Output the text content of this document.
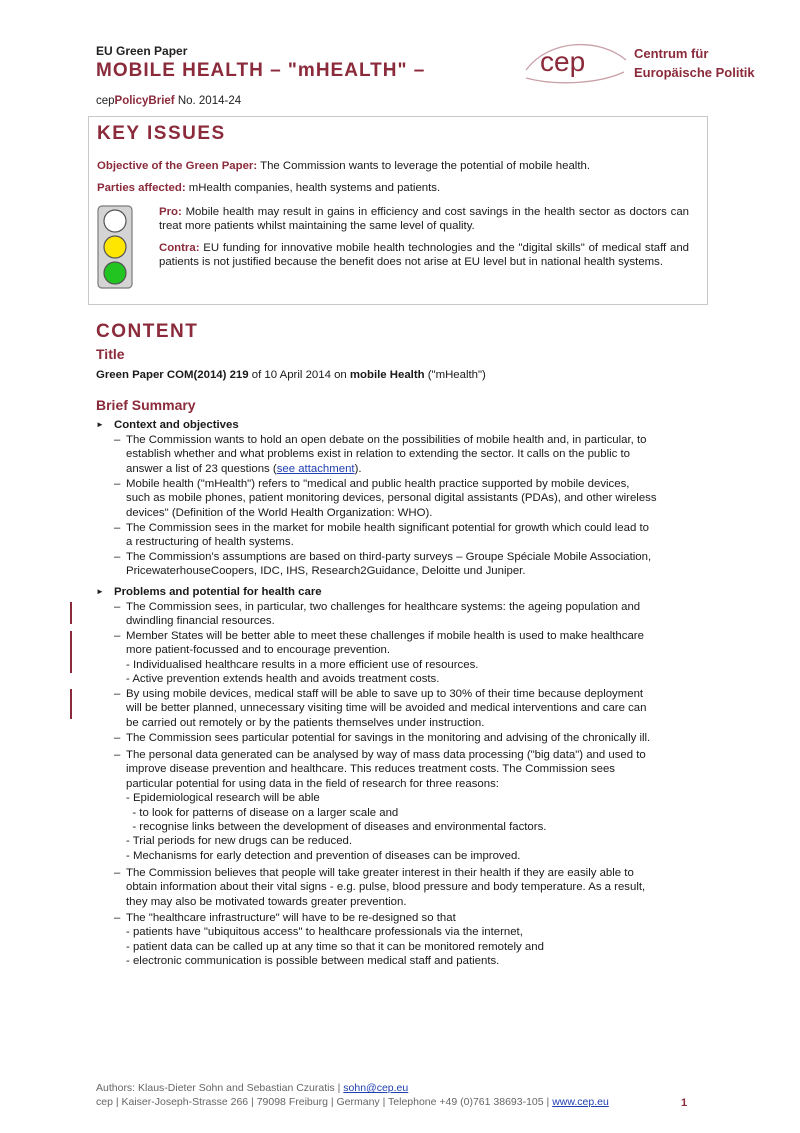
EU Green Paper
MOBILE HEALTH – "mHEALTH" –
cepPolicyBrief No. 2014-24
cep	Centrum für
Europäische Politik
KEY ISSUES
Objective of the Green Paper: The Commission wants to leverage the potential of mobile health.
Parties affected: mHealth companies, health systems and patients.
Pro: Mobile health may result in gains in efficiency and cost savings in the health sector as doctors can treat more patients whilst maintaining the same level of quality.
Contra: EU funding for innovative mobile health technologies and the "digital skills" of medical staff and patients is not justified because the benefit does not arise at EU level but in national health systems.
CONTENT
Title
Green Paper COM(2014) 219 of 10 April 2014 on mobile Health ("mHealth")
Brief Summary
► Context and objectives
– The Commission wants to hold an open debate on the possibilities of mobile health and, in particular, to
establish whether and what problems exist in relation to extending the sector. It calls on the public to
answer a list of 23 questions (see attachment).
– Mobile health ("mHealth") refers to "medical and public health practice supported by mobile devices,
such as mobile phones, patient monitoring devices, personal digital assistants (PDAs), and other wireless
devices" (Definition of the World Health Organization: WHO).
– The Commission sees in the market for mobile health significant potential for growth which could lead to
a restructuring of health systems.
– The Commission's assumptions are based on third-party surveys – Groupe Spéciale Mobile Association,
PricewaterhouseCoopers, IDC, IHS, Research2Guidance, Deloitte und Juniper.
► Problems and potential for health care
– The Commission sees, in particular, two challenges for healthcare systems: the ageing population and
dwindling financial resources.
– Member States will be better able to meet these challenges if mobile health is used to make healthcare
more patient-focussed and to encourage prevention.
- Individualised healthcare results in a more efficient use of resources.
- Active prevention extends health and avoids treatment costs.
– By using mobile devices, medical staff will be able to save up to 30% of their time because deployment
will be better planned, unnecessary visiting time will be avoided and medical interventions and care can
be carried out remotely or by the patients themselves under instruction.
– The Commission sees particular potential for savings in the monitoring and advising of the chronically ill.
– The personal data generated can be analysed by way of mass data processing ("big data") and used to
improve disease prevention and healthcare. This reduces treatment costs. The Commission sees
particular potential for using data in the field of research for three reasons:
- Epidemiological research will be able
- to look for patterns of disease on a larger scale and
- recognise links between the development of diseases and environmental factors.
- Trial periods for new drugs can be reduced.
- Mechanisms for early detection and prevention of diseases can be improved.
– The Commission believes that people will take greater interest in their health if they are easily able to
obtain information about their vital signs - e.g. pulse, blood pressure and body temperature. As a result,
they may also be motivated towards greater prevention.
– The "healthcare infrastructure" will have to be re-designed so that
- patients have "ubiquitous access" to healthcare professionals via the internet,
- patient data can be called up at any time so that it can be monitored remotely and
- electronic communication is possible between medical staff and patients.
Authors: Klaus-Dieter Sohn and Sebastian Czuratis | sohn@cep.eu
cep | Kaiser-Joseph-Strasse 266 | 79098 Freiburg | Germany | Telephone +49 (0)761 38693-105 | www.cep.eu	1
